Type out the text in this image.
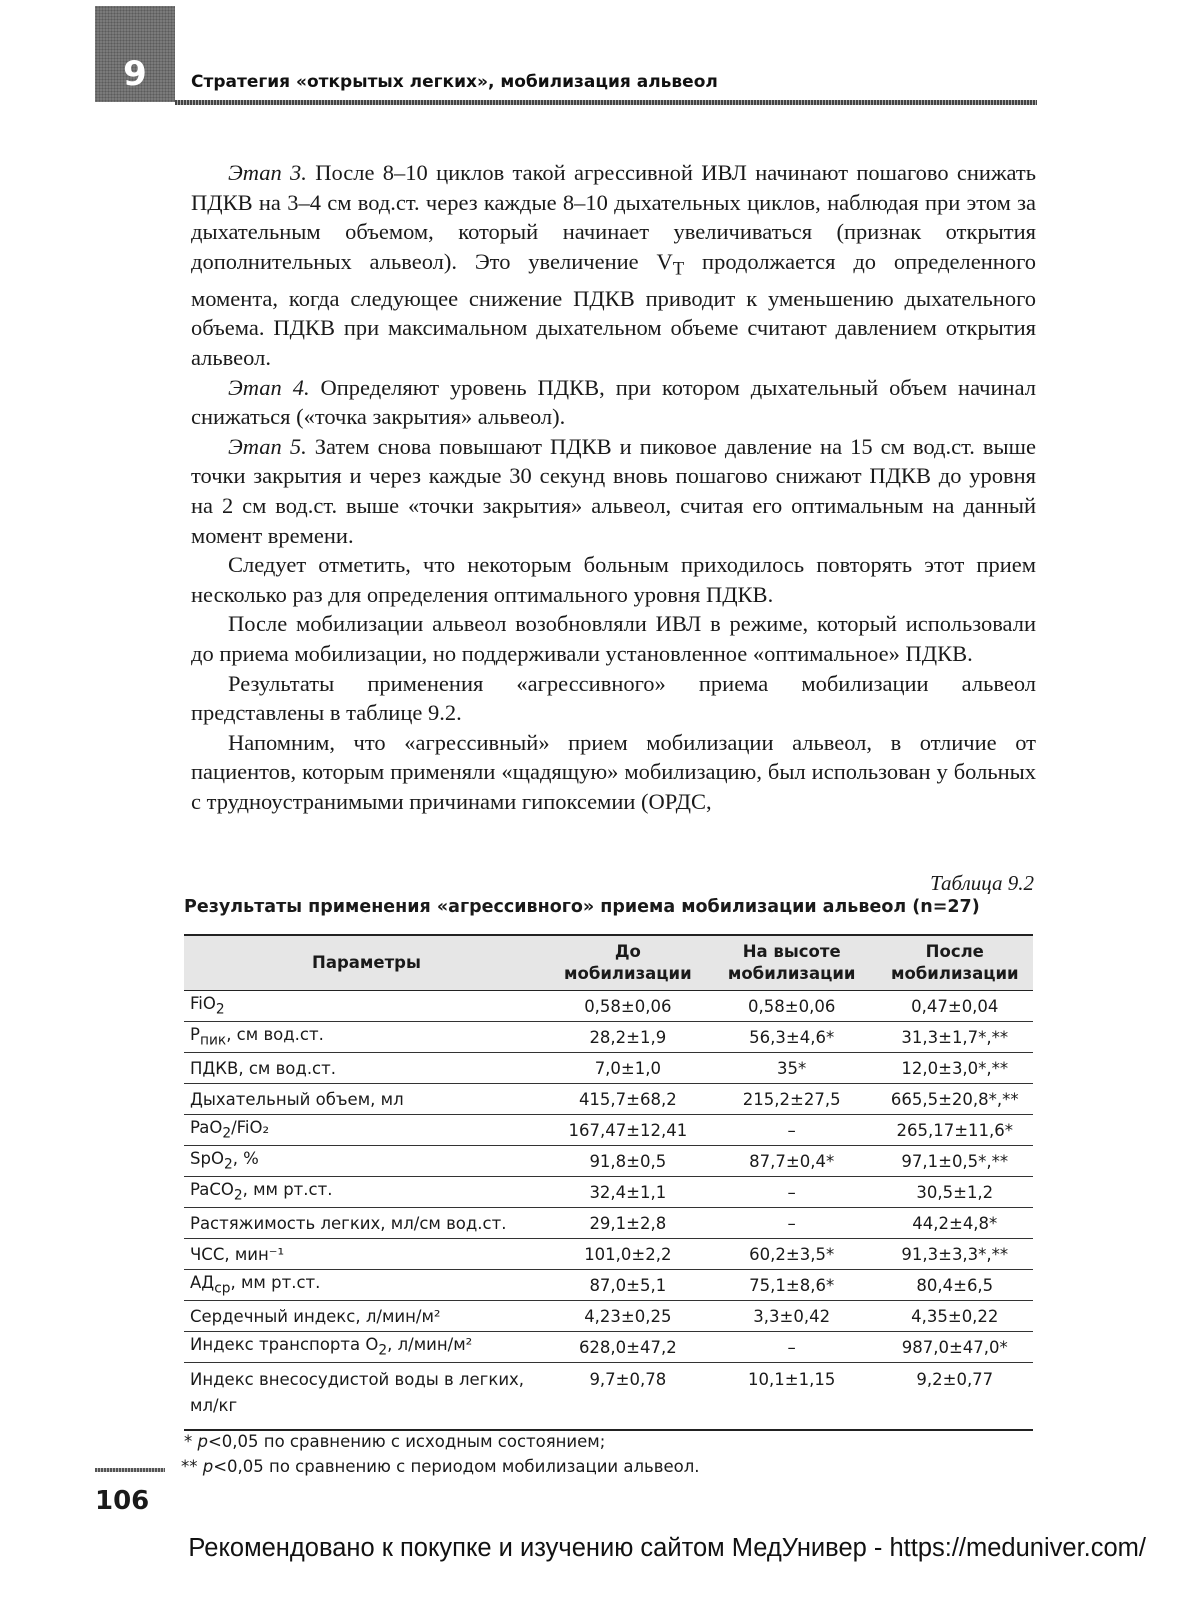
9	Стратегия «открытых легких», мобилизация альвеол

Этап 3. После 8–10 циклов такой агрессивной ИВЛ начинают пошагово снижать ПДКВ на 3–4 см вод.ст. через каждые 8–10 дыхательных циклов, наблюдая при этом за дыхательным объемом, который начинает увеличиваться (признак открытия дополнительных альвеол). Это увеличение $V_T$ продолжается до определенного момента, когда следующее снижение ПДКВ приводит к уменьшению дыхательного объема. ПДКВ при максимальном дыхательном объеме считают давлением открытия альвеол.

Этап 4. Определяют уровень ПДКВ, при котором дыхательный объем начинал снижаться («точка закрытия» альвеол).

Этап 5. Затем снова повышают ПДКВ и пиковое давление на 15 см вод.ст. выше точки закрытия и через каждые 30 секунд вновь пошагово снижают ПДКВ до уровня на 2 см вод.ст. выше «точки закрытия» альвеол, считая его оптимальным на данный момент времени.

Следует отметить, что некоторым больным приходилось повторять этот прием несколько раз для определения оптимального уровня ПДКВ.

После мобилизации альвеол возобновляли ИВЛ в режиме, который использовали до приема мобилизации, но поддерживали установленное «оптимальное» ПДКВ.

Результаты применения «агрессивного» приема мобилизации альвеол представлены в таблице 9.2.

Напомним, что «агрессивный» прием мобилизации альвеол, в отличие от пациентов, которым применяли «щадящую» мобилизацию, был использован у больных с трудноустранимыми причинами гипоксемии (ОРДС,

Таблица 9.2
Результаты применения «агрессивного» приема мобилизации альвеол (n=27)
Параметры	До мобилизации	На высоте мобилизации	После мобилизации
FiO$_2$	0,58±0,06	0,58±0,06	0,47±0,04
$P_{пик}$, см вод.ст.	28,2±1,9	56,3±4,6*	31,3±1,7*,**
ПДКВ, см вод.ст.	7,0±1,0	35*	12,0±3,0*,**
Дыхательный объем, мл	415,7±68,2	215,2±27,5	665,5±20,8*,**
PaO$_2$/FiO₂	167,47±12,41	–	265,17±11,6*
SpO$_2$, %	91,8±0,5	87,7±0,4*	97,1±0,5*,**
PaCO$_2$, мм рт.ст.	32,4±1,1	–	30,5±1,2
Растяжимость легких, мл/см вод.ст.	29,1±2,8	–	44,2±4,8*
ЧСС, мин⁻¹	101,0±2,2	60,2±3,5*	91,3±3,3*,**
$АД_{ср}$, мм рт.ст.	87,0±5,1	75,1±8,6*	80,4±6,5
Сердечный индекс, л/мин/м²	4,23±0,25	3,3±0,42	4,35±0,22
Индекс транспорта $O_2$, л/мин/м²	628,0±47,2	–	987,0±47,0*
Индекс внесосудистой воды в легких, мл/кг	9,7±0,78	10,1±1,15	9,2±0,77
* p<0,05 по сравнению с исходным состоянием;
** p<0,05 по сравнению с периодом мобилизации альвеол.
106
Рекомендовано к покупке и изучению сайтом МедУнивер - https://meduniver.com/
